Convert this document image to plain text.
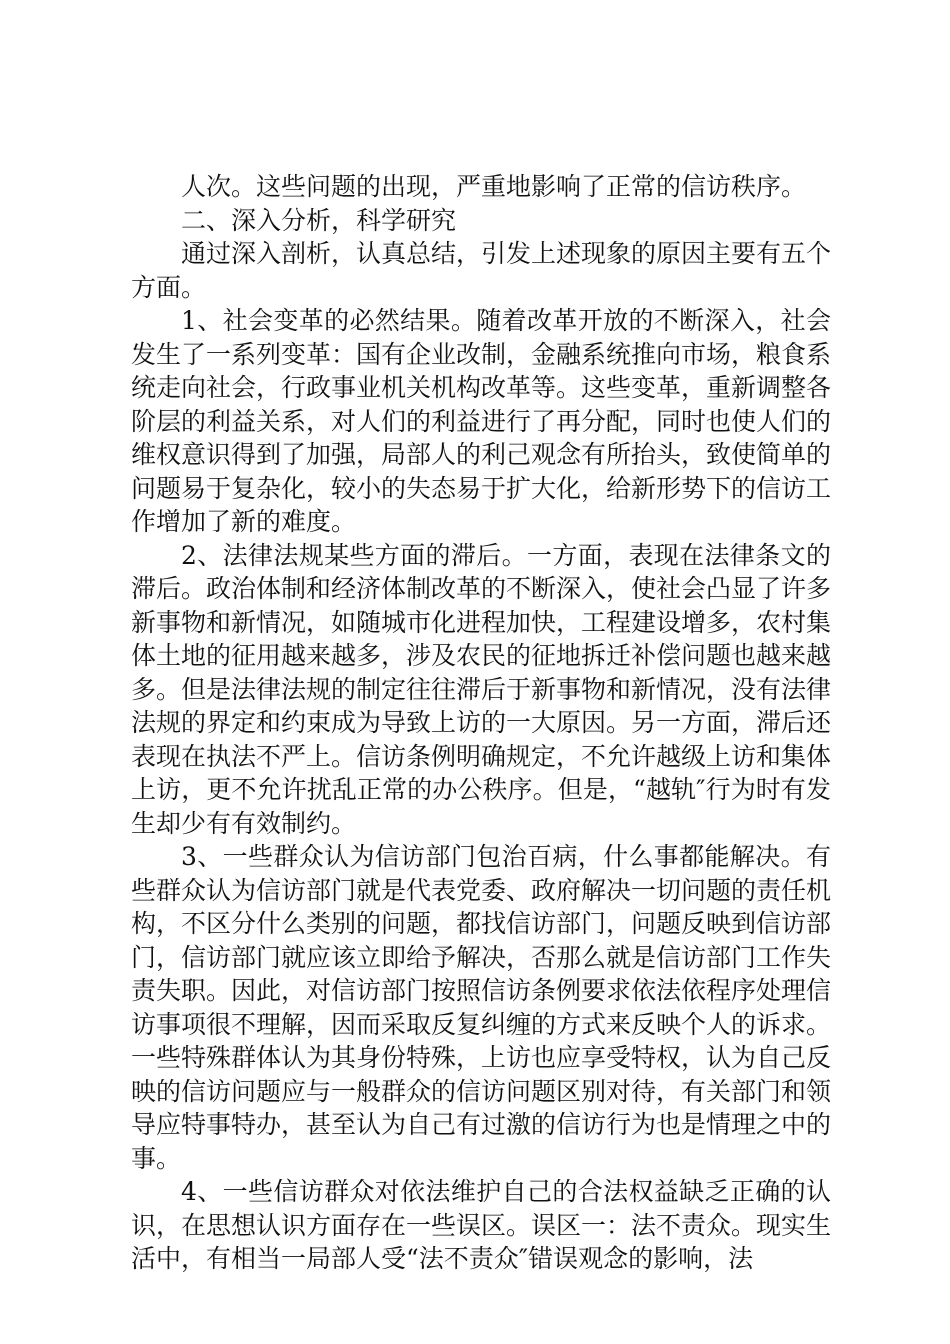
人次。这些问题的出现，严重地影响了正常的信访秩序。

二、深入分析，科学研究

通过深入剖析，认真总结，引发上述现象的原因主要有五个方面。

1、社会变革的必然结果。随着改革开放的不断深入，社会发生了一系列变革：国有企业改制，金融系统推向市场，粮食系统走向社会，行政事业机关机构改革等。这些变革，重新调整各阶层的利益关系，对人们的利益进行了再分配，同时也使人们的维权意识得到了加强，局部人的利己观念有所抬头，致使简单的问题易于复杂化，较小的失态易于扩大化，给新形势下的信访工作增加了新的难度。

2、法律法规某些方面的滞后。一方面，表现在法律条文的滞后。政治体制和经济体制改革的不断深入，使社会凸显了许多新事物和新情况，如随城市化进程加快，工程建设增多，农村集体土地的征用越来越多，涉及农民的征地拆迁补偿问题也越来越多。但是法律法规的制定往往滞后于新事物和新情况，没有法律法规的界定和约束成为导致上访的一大原因。另一方面，滞后还表现在执法不严上。信访条例明确规定，不允许越级上访和集体上访，更不允许扰乱正常的办公秩序。但是，“越轨″行为时有发生却少有有效制约。

3、一些群众认为信访部门包治百病，什么事都能解决。有些群众认为信访部门就是代表党委、政府解决一切问题的责任机构，不区分什么类别的问题，都找信访部门，问题反映到信访部门，信访部门就应该立即给予解决，否那么就是信访部门工作失责失职。因此，对信访部门按照信访条例要求依法依程序处理信访事项很不理解，因而采取反复纠缠的方式来反映个人的诉求。一些特殊群体认为其身份特殊，上访也应享受特权，认为自己反映的信访问题应与一般群众的信访问题区别对待，有关部门和领导应特事特办，甚至认为自己有过激的信访行为也是情理之中的事。

4、一些信访群众对依法维护自己的合法权益缺乏正确的认识，在思想认识方面存在一些误区。误区一：法不责众。现实生活中，有相当一局部人受“法不责众″错误观念的影响，法
